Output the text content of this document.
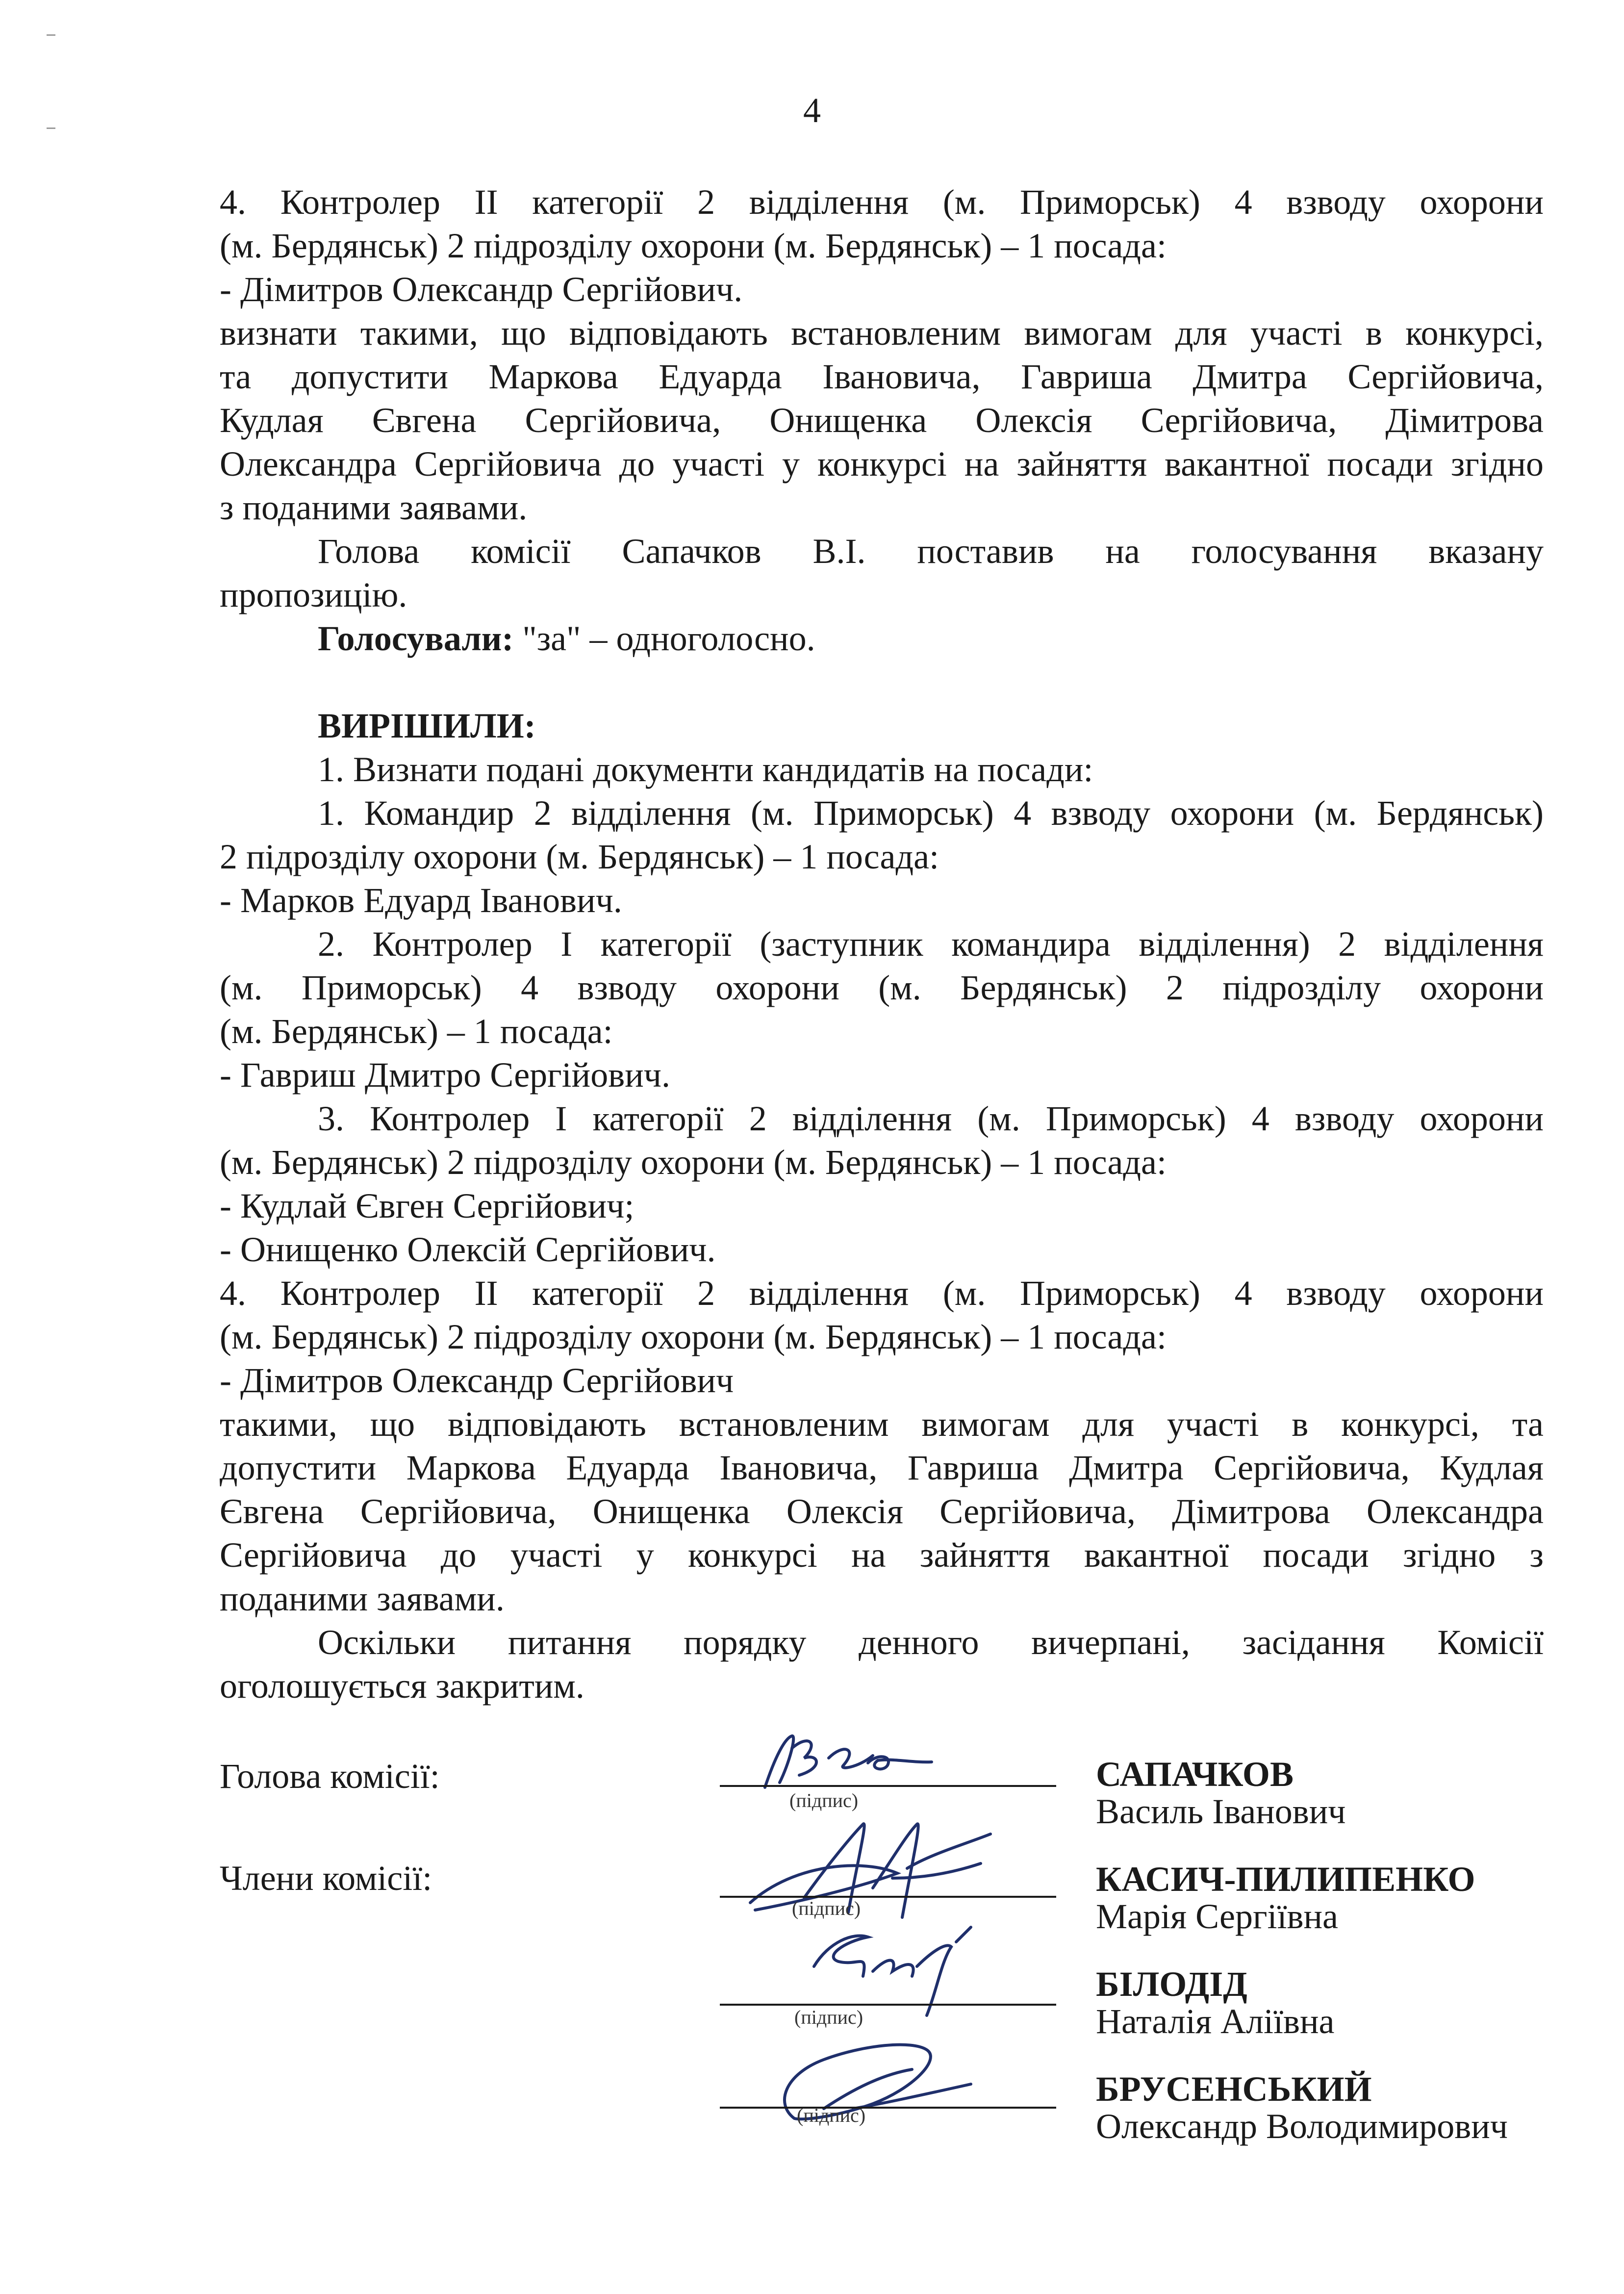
4

4. Контролер ІІ категорії 2 відділення (м. Приморськ) 4 взводу охорони

(м. Бердянськ) 2 підрозділу охорони (м. Бердянськ) – 1 посада:

- Дімитров Олександр Сергійович.

визнати такими, що відповідають встановленим вимогам для участі в конкурсі,

та допустити Маркова Едуарда Івановича, Гавриша Дмитра Сергійовича,

Кудлая Євгена Сергійовича, Онищенка Олексія Сергійовича, Дімитрова

Олександра Сергійовича до участі у конкурсі на зайняття вакантної посади згідно

з поданими заявами.

Голова комісії Сапачков В.І. поставив на голосування вказану

пропозицію.

Голосували: "за" – одноголосно.

ВИРІШИЛИ:

1. Визнати подані документи кандидатів на посади:

1. Командир 2 відділення (м. Приморськ) 4 взводу охорони (м. Бердянськ)

2 підрозділу охорони (м. Бердянськ) – 1 посада:

- Марков Едуард Іванович.

2. Контролер І категорії (заступник командира відділення) 2 відділення

(м. Приморськ) 4 взводу охорони (м. Бердянськ) 2 підрозділу охорони

(м. Бердянськ) – 1 посада:

- Гавриш Дмитро Сергійович.

3. Контролер І категорії 2 відділення (м. Приморськ) 4 взводу охорони

(м. Бердянськ) 2 підрозділу охорони (м. Бердянськ) – 1 посада:

- Кудлай Євген Сергійович;

- Онищенко Олексій Сергійович.

4. Контролер ІІ категорії 2 відділення (м. Приморськ) 4 взводу охорони

(м. Бердянськ) 2 підрозділу охорони (м. Бердянськ) – 1 посада:

- Дімитров Олександр Сергійович

такими, що відповідають встановленим вимогам для участі в конкурсі, та

допустити Маркова Едуарда Івановича, Гавриша Дмитра Сергійовича, Кудлая

Євгена Сергійовича, Онищенка Олексія Сергійовича, Дімитрова Олександра

Сергійовича до участі у конкурсі на зайняття вакантної посади згідно з

поданими заявами.

Оскільки питання порядку денного вичерпані, засідання Комісії

оголошується закритим.

Голова комісії:
Члени комісії:
(підпис)
САПАЧКОВ
Василь Іванович
(підпис)
КАСИЧ-ПИЛИПЕНКО
Марія Сергіївна
(підпис)
БІЛОДІД
Наталія Аліївна
(підпис)
БРУСЕНСЬКИЙ
Олександр Володимирович
